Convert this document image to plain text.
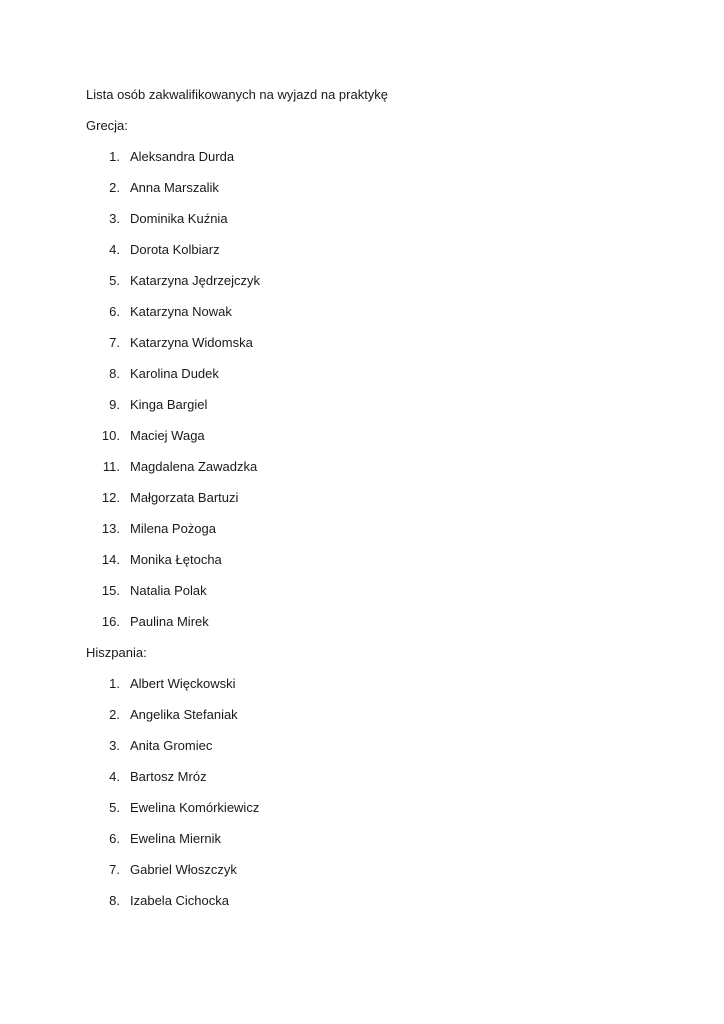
Lista osób zakwalifikowanych na wyjazd na praktykę
Grecja:
1. Aleksandra Durda
2. Anna Marszalik
3. Dominika Kuźnia
4. Dorota Kolbiarz
5. Katarzyna Jędrzejczyk
6. Katarzyna Nowak
7. Katarzyna Widomska
8. Karolina Dudek
9. Kinga Bargiel
10. Maciej Waga
11. Magdalena Zawadzka
12. Małgorzata Bartuzi
13. Milena Pożoga
14. Monika Łętocha
15. Natalia Polak
16. Paulina Mirek
Hiszpania:
1. Albert Więckowski
2. Angelika Stefaniak
3. Anita Gromiec
4. Bartosz Mróz
5. Ewelina Komórkiewicz
6. Ewelina Miernik
7. Gabriel Włoszczyk
8. Izabela Cichocka
